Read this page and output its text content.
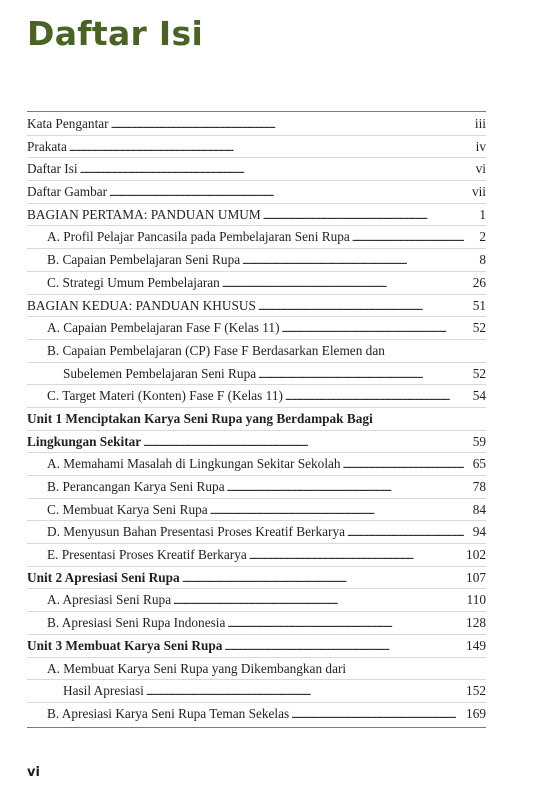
Daftar Isi
Kata Pengantar . . .	iii
Prakata . . .	iv
Daftar Isi . . .	vi
Daftar Gambar . . .	vii
BAGIAN PERTAMA: PANDUAN UMUM . . .	1
A. Profil Pelajar Pancasila pada Pembelajaran Seni Rupa . . .	2
B. Capaian Pembelajaran Seni Rupa . . .	8
C. Strategi Umum Pembelajaran . . .	26
BAGIAN KEDUA: PANDUAN KHUSUS . . .	51
A. Capaian Pembelajaran Fase F (Kelas 11) . . .	52
B. Capaian Pembelajaran (CP) Fase F Berdasarkan Elemen dan
Subelemen Pembelajaran Seni Rupa . . .	52
C. Target Materi (Konten) Fase F (Kelas 11) . . .	54
Unit 1 Menciptakan Karya Seni Rupa yang Berdampak Bagi
Lingkungan Sekitar . . .	59
A. Memahami Masalah di Lingkungan Sekitar Sekolah . . .	65
B. Perancangan Karya Seni Rupa . . .	78
C. Membuat Karya Seni Rupa . . .	84
D. Menyusun Bahan Presentasi Proses Kreatif Berkarya . . .	94
E. Presentasi Proses Kreatif Berkarya . . .	102
Unit 2 Apresiasi Seni Rupa . . .	107
A. Apresiasi Seni Rupa . . .	110
B. Apresiasi Seni Rupa Indonesia . . .	128
Unit 3 Membuat Karya Seni Rupa . . .	149
A. Membuat Karya Seni Rupa yang Dikembangkan dari
Hasil Apresiasi . . .	152
B. Apresiasi Karya Seni Rupa Teman Sekelas . . .	169
vi
